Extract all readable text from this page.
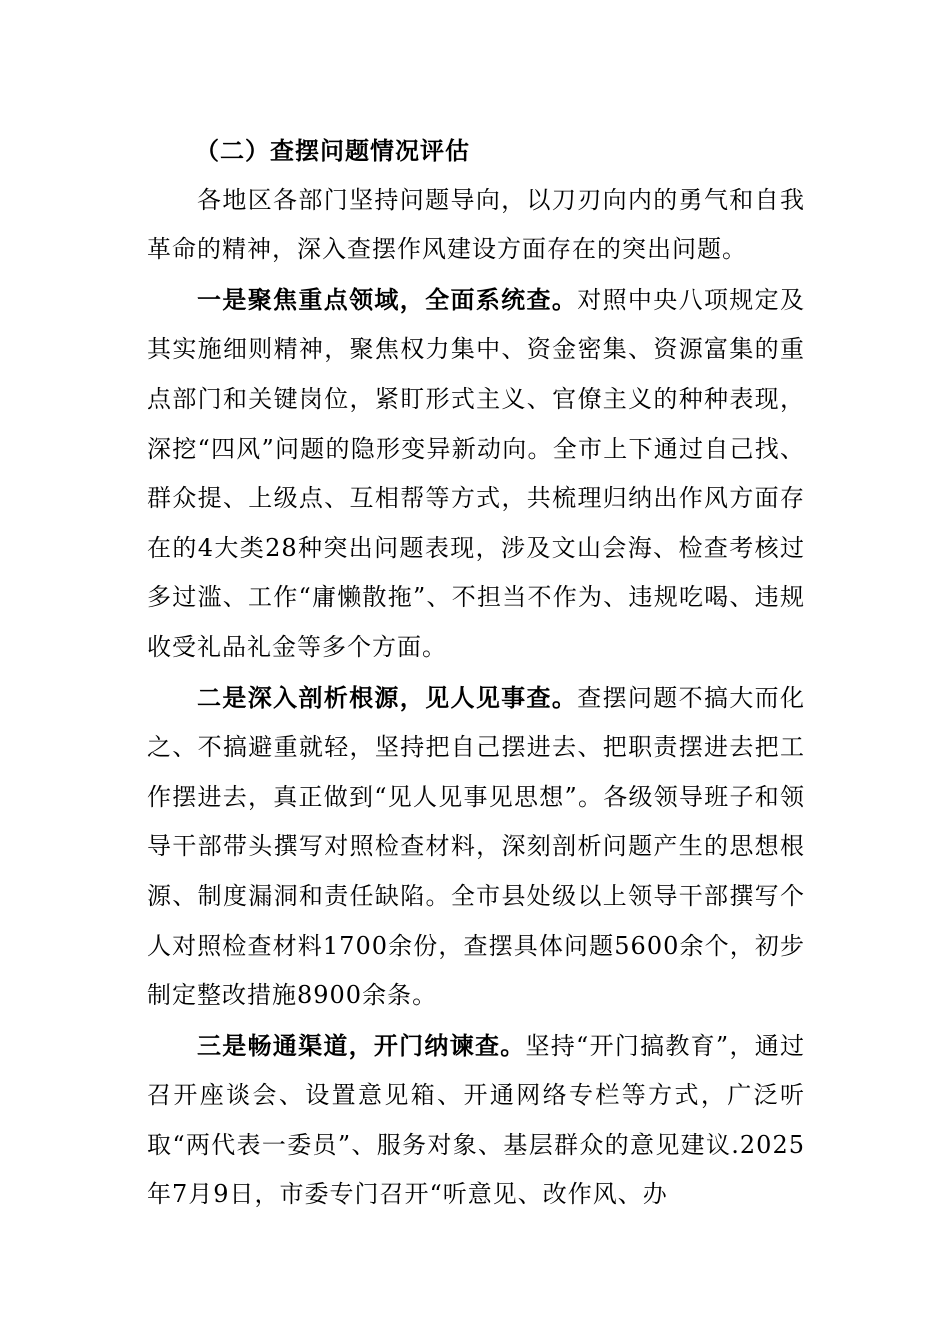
（二）查摆问题情况评估

各地区各部门坚持问题导向，以刀刃向内的勇气和自我革命的精神，深入查摆作风建设方面存在的突出问题。

一是聚焦重点领域，全面系统查。对照中央八项规定及其实施细则精神，聚焦权力集中、资金密集、资源富集的重点部门和关键岗位，紧盯形式主义、官僚主义的种种表现，深挖“四风”问题的隐形变异新动向。全市上下通过自己找、群众提、上级点、互相帮等方式，共梳理归纳出作风方面存在的4大类28种突出问题表现，涉及文山会海、检查考核过多过滥、工作“庸懒散拖”、不担当不作为、违规吃喝、违规收受礼品礼金等多个方面。

二是深入剖析根源，见人见事查。查摆问题不搞大而化之、不搞避重就轻，坚持把自己摆进去、把职责摆进去把工作摆进去，真正做到“见人见事见思想”。各级领导班子和领导干部带头撰写对照检查材料，深刻剖析问题产生的思想根源、制度漏洞和责任缺陷。全市县处级以上领导干部撰写个人对照检查材料1700余份，查摆具体问题5600余个，初步制定整改措施8900余条。

三是畅通渠道，开门纳谏查。坚持“开门搞教育”，通过召开座谈会、设置意见箱、开通网络专栏等方式，广泛听取“两代表一委员”、服务对象、基层群众的意见建议.2025年7月9日，市委专门召开“听意见、改作风、办
